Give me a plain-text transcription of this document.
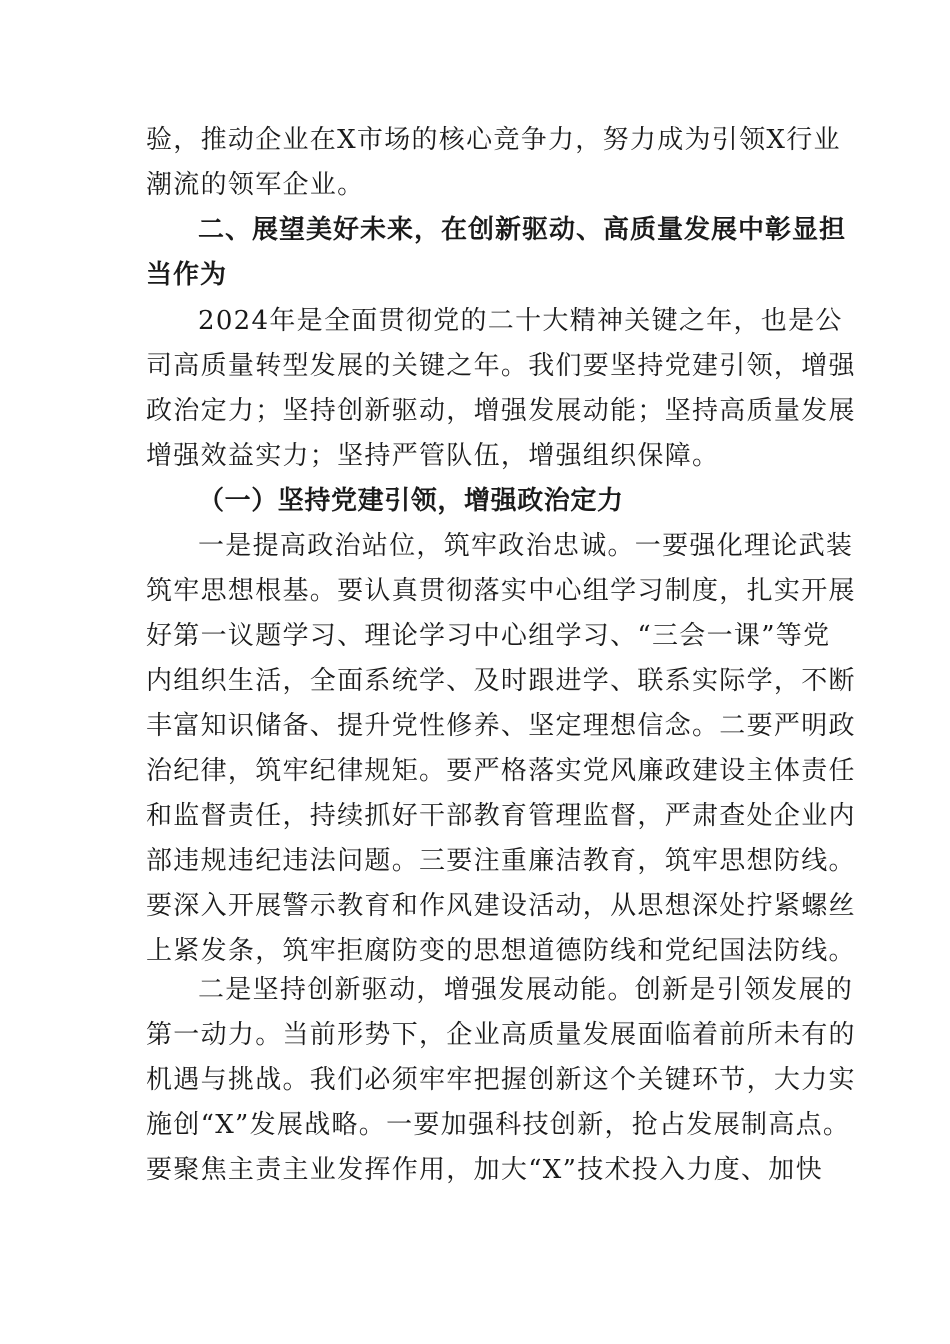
验，推动企业在X市场的核心竞争力，努力成为引领X行业
潮流的领军企业。
二、展望美好未来，在创新驱动、高质量发展中彰显担
当作为
2024年是全面贯彻党的二十大精神关键之年，也是公
司高质量转型发展的关键之年。我们要坚持党建引领，增强
政治定力；坚持创新驱动，增强发展动能；坚持高质量发展
增强效益实力；坚持严管队伍，增强组织保障。
（一）坚持党建引领，增强政治定力
一是提高政治站位，筑牢政治忠诚。一要强化理论武装
筑牢思想根基。要认真贯彻落实中心组学习制度，扎实开展
好第一议题学习、理论学习中心组学习、“三会一课”等党
内组织生活，全面系统学、及时跟进学、联系实际学，不断
丰富知识储备、提升党性修养、坚定理想信念。二要严明政
治纪律，筑牢纪律规矩。要严格落实党风廉政建设主体责任
和监督责任，持续抓好干部教育管理监督，严肃查处企业内
部违规违纪违法问题。三要注重廉洁教育，筑牢思想防线。
要深入开展警示教育和作风建设活动，从思想深处拧紧螺丝
上紧发条，筑牢拒腐防变的思想道德防线和党纪国法防线。
二是坚持创新驱动，增强发展动能。创新是引领发展的
第一动力。当前形势下，企业高质量发展面临着前所未有的
机遇与挑战。我们必须牢牢把握创新这个关键环节，大力实
施创“X”发展战略。一要加强科技创新，抢占发展制高点。
要聚焦主责主业发挥作用，加大“X”技术投入力度、加快
